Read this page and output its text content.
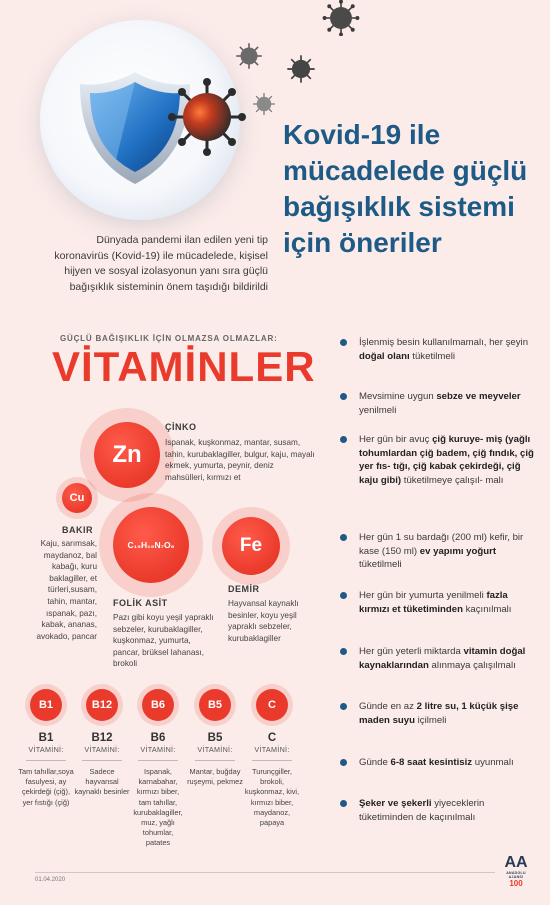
Kovid-19 ile mücadelede güçlü bağışıklık sistemi için öneriler

Dünyada pandemi ilan edilen yeni tip koronavirüs (Kovid-19) ile mücadelede, kişisel hijyen ve sosyal izolasyonun yanı sıra güçlü bağışıklık sisteminin önem taşıdığı bildirildi

GÜÇLÜ BAĞIŞIKLIK İÇİN OLMAZSA OLMAZLAR:
VİTAMİNLER
Zn
ÇİNKO
Ispanak, kuşkonmaz, mantar, susam, tahin, kurubaklagiller, bulgur, kaju, mayalı ekmek, yumurta, peynir, deniz mahsülleri, kırmızı et
Cu
BAKIR
Kaju, sarımsak, maydanoz, bal kabağı, kuru baklagiller, et türleri,susam, tahin, mantar, ıspanak, pazı, kabak, ananas, avokado, pancar
C₁₉H₁₉N₇O₆
FOLİK ASİT
Pazı gibi koyu yeşil yapraklı sebzeler, kurubaklagiller, kuşkonmaz, yumurta, pancar, brüksel lahanası, brokoli
Fe
DEMİR
Hayvansal kaynaklı besinler, koyu yeşil yapraklı sebzeler, kurubaklagiller
B1
B1
VİTAMİNİ:
Tam tahıllar,soya fasulyesi, ay çekirdeği (çiğ), yer fıstığı (çiğ)
B12
B12
VİTAMİNİ:
Sadece hayvansal kaynaklı besinler
B6
B6
VİTAMİNİ:
Ispanak, karnabahar, kırmızı biber, tam tahıllar, kurubaklagiller, muz, yağlı tohumlar, patates
B5
B5
VİTAMİNİ:
Mantar, buğday ruşeymi, pekmez
C
C
VİTAMİNİ:
Turunçgiller, brokoli, kuşkonmaz, kivi, kırmızı biber, maydanoz, papaya
İşlenmiş besin kullanılmamalı, her şeyin doğal olanı tüketilmeli
Mevsimine uygun sebze ve meyveler yenilmeli
Her gün bir avuç çiğ kuruye- miş (yağlı tohumlardan çiğ badem, çiğ fındık, çiğ yer fıs- tığı, çiğ kabak çekirdeği, çiğ kaju gibi) tüketilmeye çalışıl- malı
Her gün 1 su bardağı (200 ml) kefir, bir kase (150 ml) ev yapımı yoğurt tüketilmeli
Her gün bir yumurta yenilmeli fazla kırmızı et tüketiminden kaçınılmalı
Her gün yeterli miktarda vitamin doğal kaynaklarından alınmaya çalışılmalı
Günde en az 2 litre su, 1 küçük şişe maden suyu içilmeli
Günde 6-8 saat kesintisiz uyunmalı
Şeker ve şekerli yiyeceklerin tüketiminden de kaçınılmalı
01.04.2020
AA
ANADOLU AJANSI
100
